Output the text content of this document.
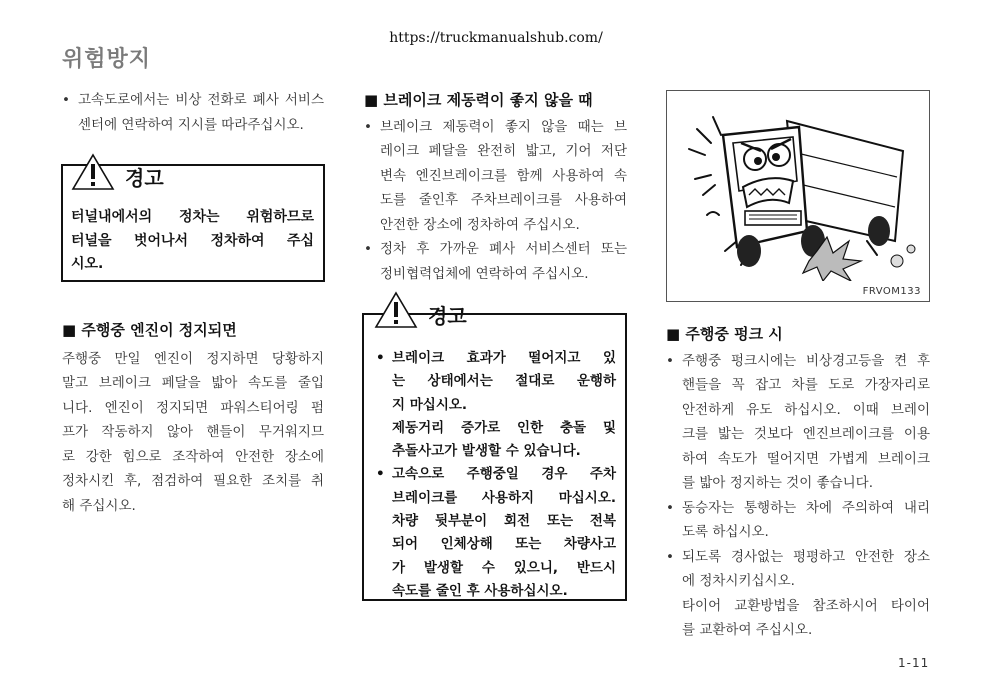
https://truckmanualshub.com/
위험방지
• 고속도로에서는 비상 전화로 폐사 서비스
센터에 연락하여 지시를 따라주십시오.
경고
터널내에서의 정차는 위험하므로
터널을 벗어나서 정차하여 주십
시오.
■ 주행중 엔진이 정지되면
주행중 만일 엔진이 정지하면 당황하지
말고 브레이크 페달을 밟아 속도를 줄입
니다. 엔진이 정지되면 파워스티어링 펌
프가 작동하지 않아 핸들이 무거워지므
로 강한 힘으로 조작하여 안전한 장소에
정차시킨 후, 점검하여 필요한 조치를 취
해 주십시오.
■ 브레이크 제동력이 좋지 않을 때
• 브레이크 제동력이 좋지 않을 때는 브
레이크 페달을 완전히 밟고, 기어 저단
변속 엔진브레이크를 함께 사용하여 속
도를 줄인후 주차브레이크를 사용하여
안전한 장소에 정차하여 주십시오.
• 정차 후 가까운 폐사 서비스센터 또는
정비협력업체에 연락하여 주십시오.
경고
• 브레이크 효과가 떨어지고 있
는 상태에서는 절대로 운행하
지 마십시오.
제동거리 증가로 인한 충돌 및
추돌사고가 발생할 수 있습니다.
• 고속으로 주행중일 경우 주차
브레이크를 사용하지 마십시오.
차량 뒷부분이 회전 또는 전복
되어 인체상해 또는 차량사고
가 발생할 수 있으니, 반드시
속도를 줄인 후 사용하십시오.
FRVOM133
■ 주행중 펑크 시
• 주행중 펑크시에는 비상경고등을 켠 후
핸들을 꼭 잡고 차를 도로 가장자리로
안전하게 유도 하십시오. 이때 브레이
크를 밟는 것보다 엔진브레이크를 이용
하여 속도가 떨어지면 가볍게 브레이크
를 밟아 정지하는 것이 좋습니다.
• 동승자는 통행하는 차에 주의하여 내리
도록 하십시오.
• 되도록 경사없는 평평하고 안전한 장소
에 정차시키십시오.
타이어 교환방법을 참조하시어 타이어
를 교환하여 주십시오.
1-11
